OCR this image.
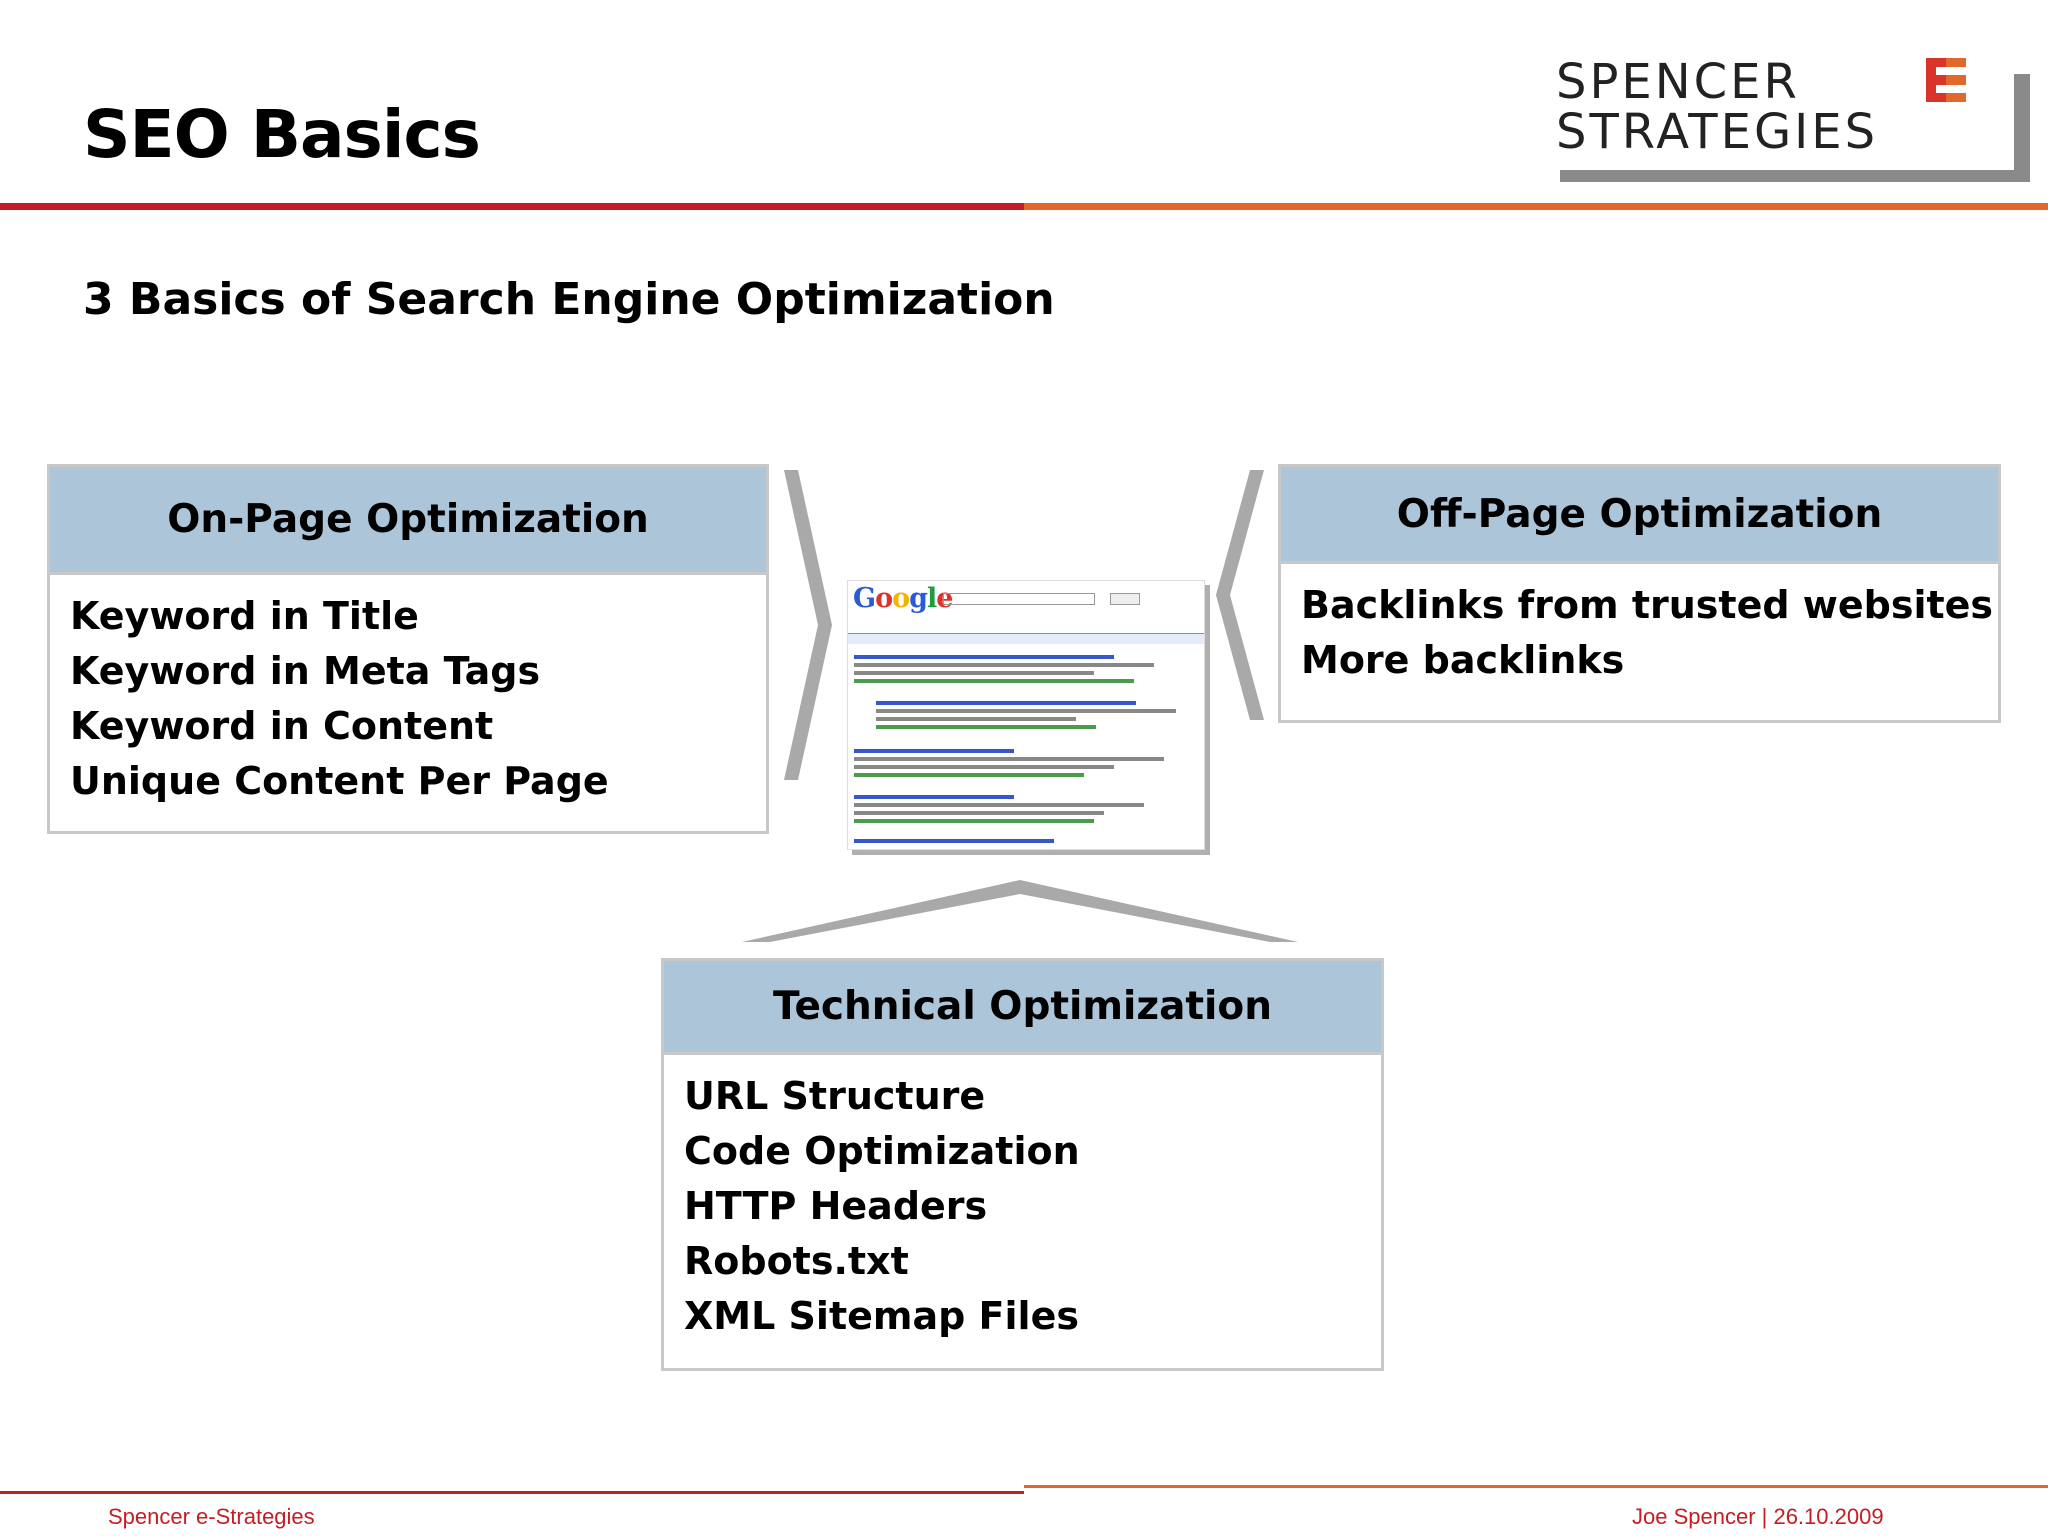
SEO Basics
SPENCER
STRATEGIES
3 Basics of Search Engine Optimization
Google
On-Page Optimization
Keyword in Title
Keyword in Meta Tags
Keyword in Content
Unique Content Per Page
Off-Page Optimization
Backlinks from trusted websites
More backlinks
Technical Optimization
URL Structure
Code Optimization
HTTP Headers
Robots.txt
XML Sitemap Files
Spencer e-Strategies	Joe Spencer | 26.10.2009
